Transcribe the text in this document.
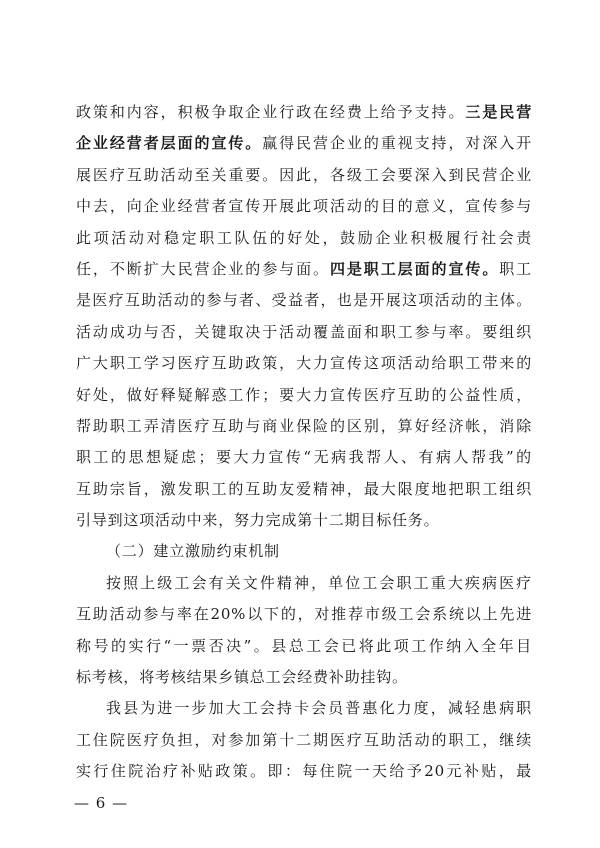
政策和内容，积极争取企业行政在经费上给予支持。三是民营
企业经营者层面的宣传。赢得民营企业的重视支持，对深入开
展医疗互助活动至关重要。因此，各级工会要深入到民营企业
中去，向企业经营者宣传开展此项活动的目的意义，宣传参与
此项活动对稳定职工队伍的好处，鼓励企业积极履行社会责
任，不断扩大民营企业的参与面。四是职工层面的宣传。职工
是医疗互助活动的参与者、受益者，也是开展这项活动的主体。
活动成功与否，关键取决于活动覆盖面和职工参与率。要组织
广大职工学习医疗互助政策，大力宣传这项活动给职工带来的
好处，做好释疑解惑工作；要大力宣传医疗互助的公益性质，
帮助职工弄清医疗互助与商业保险的区别，算好经济帐，消除
职工的思想疑虑；要大力宣传“无病我帮人、有病人帮我”的
互助宗旨，激发职工的互助友爱精神，最大限度地把职工组织
引导到这项活动中来，努力完成第十二期目标任务。
（二）建立激励约束机制
按照上级工会有关文件精神，单位工会职工重大疾病医疗
互助活动参与率在20%以下的，对推荐市级工会系统以上先进
称号的实行“一票否决”。县总工会已将此项工作纳入全年目
标考核，将考核结果乡镇总工会经费补助挂钩。
我县为进一步加大工会持卡会员普惠化力度，减轻患病职
工住院医疗负担，对参加第十二期医疗互助活动的职工，继续
实行住院治疗补贴政策。即：每住院一天给予20元补贴，最
— 6 —
